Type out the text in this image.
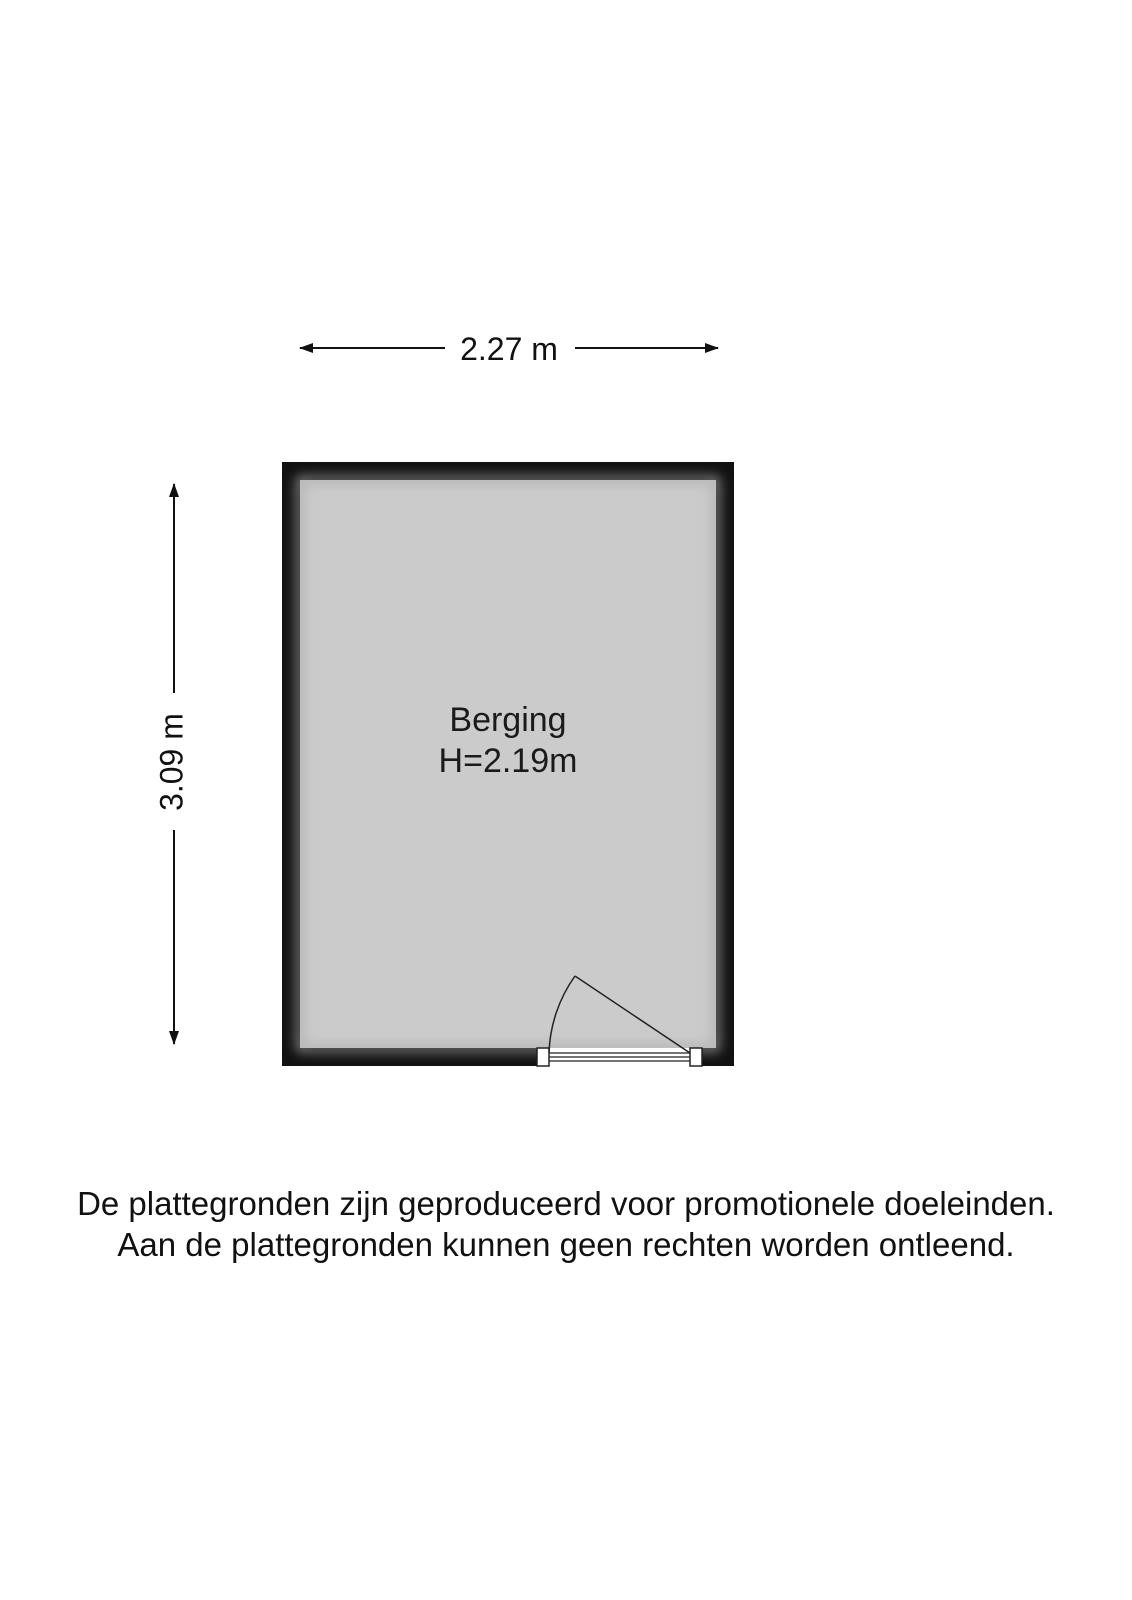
2.27 m
3.09 m	Berging
H=2.19m
De plattegronden zijn geproduceerd voor promotionele doeleinden.
Aan de plattegronden kunnen geen rechten worden ontleend.
